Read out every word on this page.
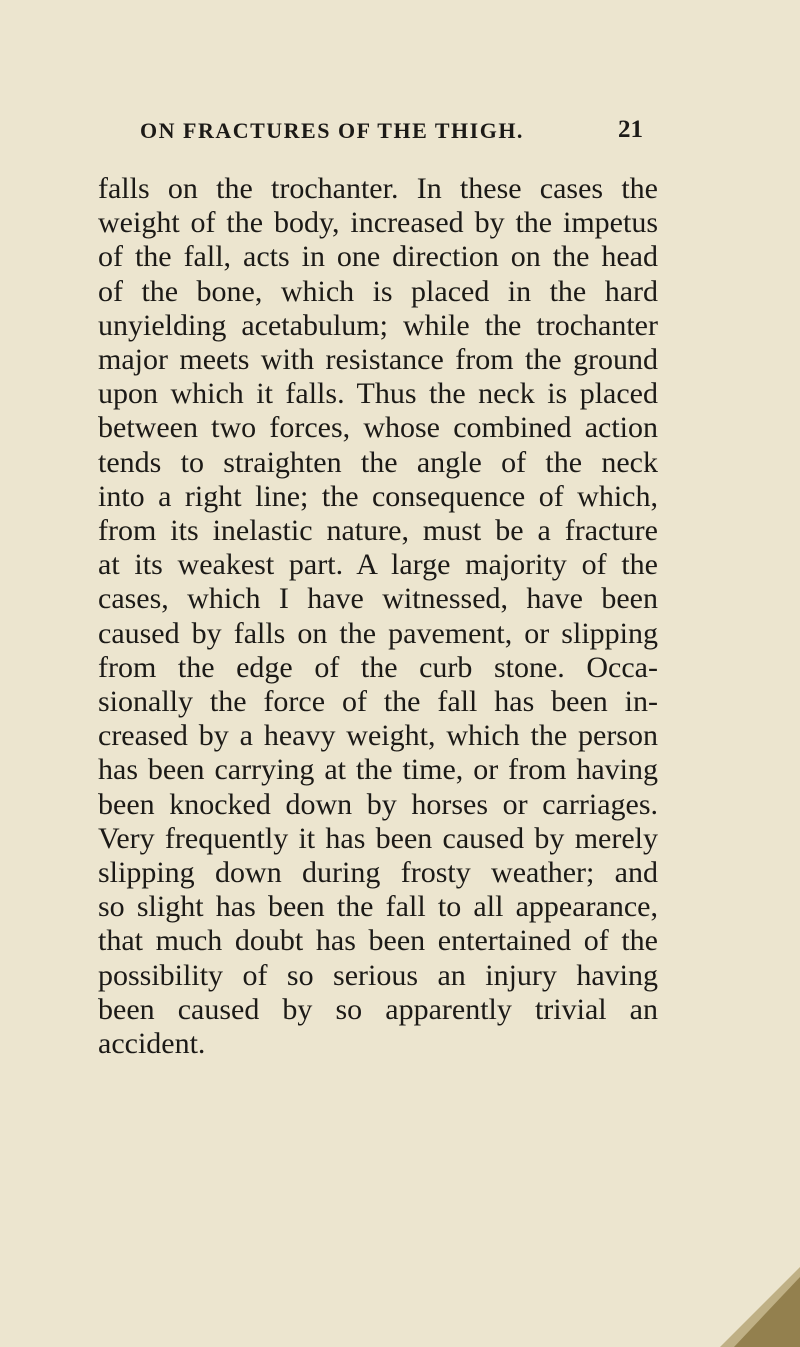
ON FRACTURES OF THE THIGH.	21
falls on the trochanter. In these cases the
weight of the body, increased by the impetus
of the fall, acts in one direction on the head
of the bone, which is placed in the hard
unyielding acetabulum; while the trochanter
major meets with resistance from the ground
upon which it falls. Thus the neck is placed
between two forces, whose combined action
tends to straighten the angle of the neck
into a right line; the consequence of which,
from its inelastic nature, must be a fracture
at its weakest part. A large majority of the
cases, which I have witnessed, have been
caused by falls on the pavement, or slipping
from the edge of the curb stone. Occa-
sionally the force of the fall has been in-
creased by a heavy weight, which the person
has been carrying at the time, or from having
been knocked down by horses or carriages.
Very frequently it has been caused by merely
slipping down during frosty weather; and
so slight has been the fall to all appearance,
that much doubt has been entertained of the
possibility of so serious an injury having
been caused by so apparently trivial an
accident.
